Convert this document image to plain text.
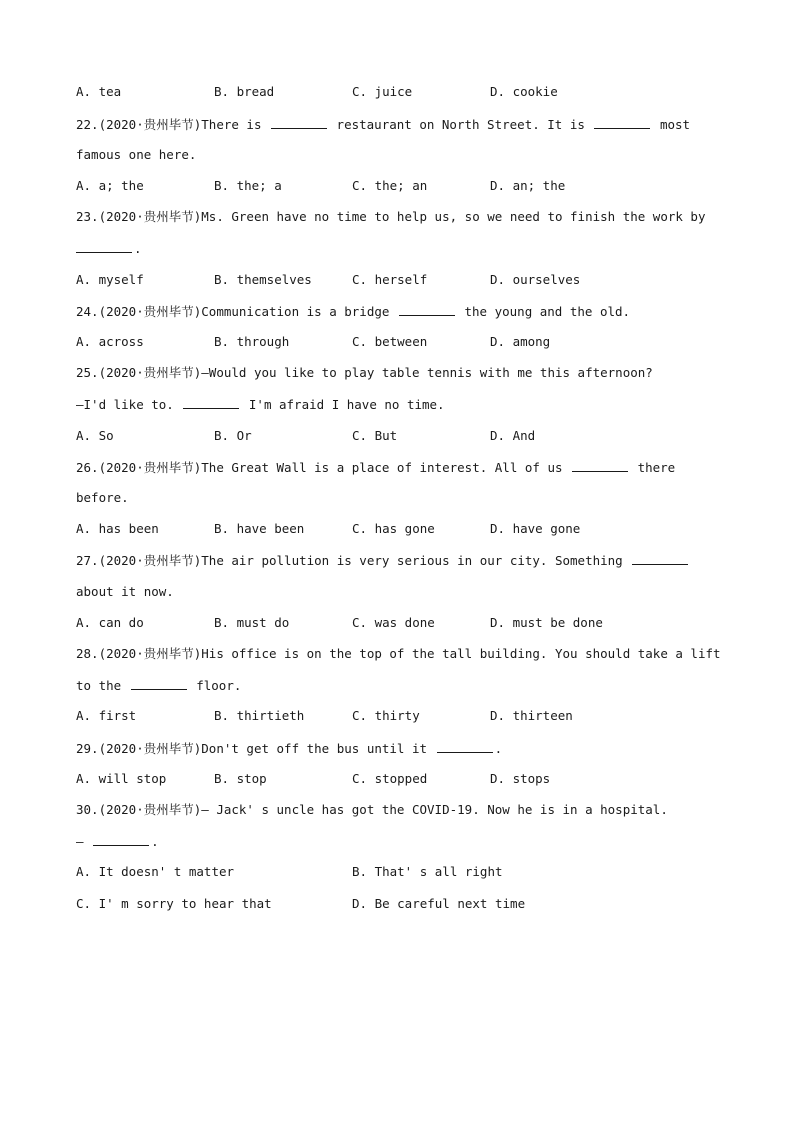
A. tea	B. bread	C. juice	D. cookie
22.(2020·贵州毕节)There is	restaurant on North Street. It is	most
famous one here.
A. a; the	B. the; a	C. the; an	D. an; the
23.(2020·贵州毕节)Ms. Green have no time to help us, so we need to finish the work by
.
A. myself	B. themselves	C. herself	D. ourselves
24.(2020·贵州毕节)Communication is a bridge	the young and the old.
A. across	B. through	C. between	D. among
25.(2020·贵州毕节)—Would you like to play table tennis with me this afternoon?
—I'd like to.	I'm afraid I have no time.
A. So	B. Or	C. But	D. And
26.(2020·贵州毕节)The Great Wall is a place of interest. All of us	there
before.
A. has been	B. have been	C. has gone	D. have gone
27.(2020·贵州毕节)The air pollution is very serious in our city. Something
about it now.
A. can do	B. must do	C. was done	D. must be done
28.(2020·贵州毕节)His office is on the top of the tall building. You should take a lift
to the	floor.
A. first	B. thirtieth	C. thirty	D. thirteen
29.(2020·贵州毕节)Don't get off the bus until it	.
A. will stop	B. stop	C. stopped	D. stops
30.(2020·贵州毕节)— Jack' s uncle has got the COVID-19. Now he is in a hospital.
—	.
A. It doesn' t matter	B. That' s all right
C. I' m sorry to hear that	D. Be careful next time
